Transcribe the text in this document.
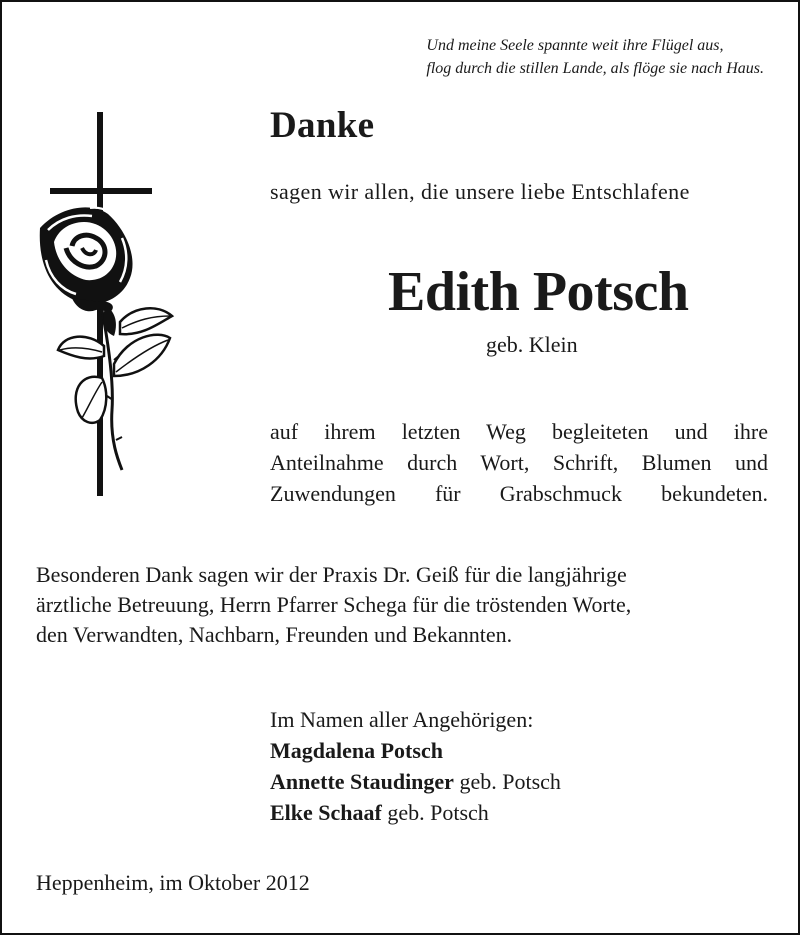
Und meine Seele spannte weit ihre Flügel aus,
flog durch die stillen Lande, als flöge sie nach Haus.
Danke
sagen wir allen, die unsere liebe Entschlafene
Edith Potsch
geb. Klein
auf ihrem letzten Weg begleiteten und ihre
Anteilnahme durch Wort, Schrift, Blumen und
Zuwendungen für Grabschmuck bekundeten.
Besonderen Dank sagen wir der Praxis Dr. Geiß für die langjährige
ärztliche Betreuung, Herrn Pfarrer Schega für die tröstenden Worte,
den Verwandten, Nachbarn, Freunden und Bekannten.
Im Namen aller Angehörigen:
Magdalena Potsch
Annette Staudinger geb. Potsch
Elke Schaaf geb. Potsch
Heppenheim, im Oktober 2012
